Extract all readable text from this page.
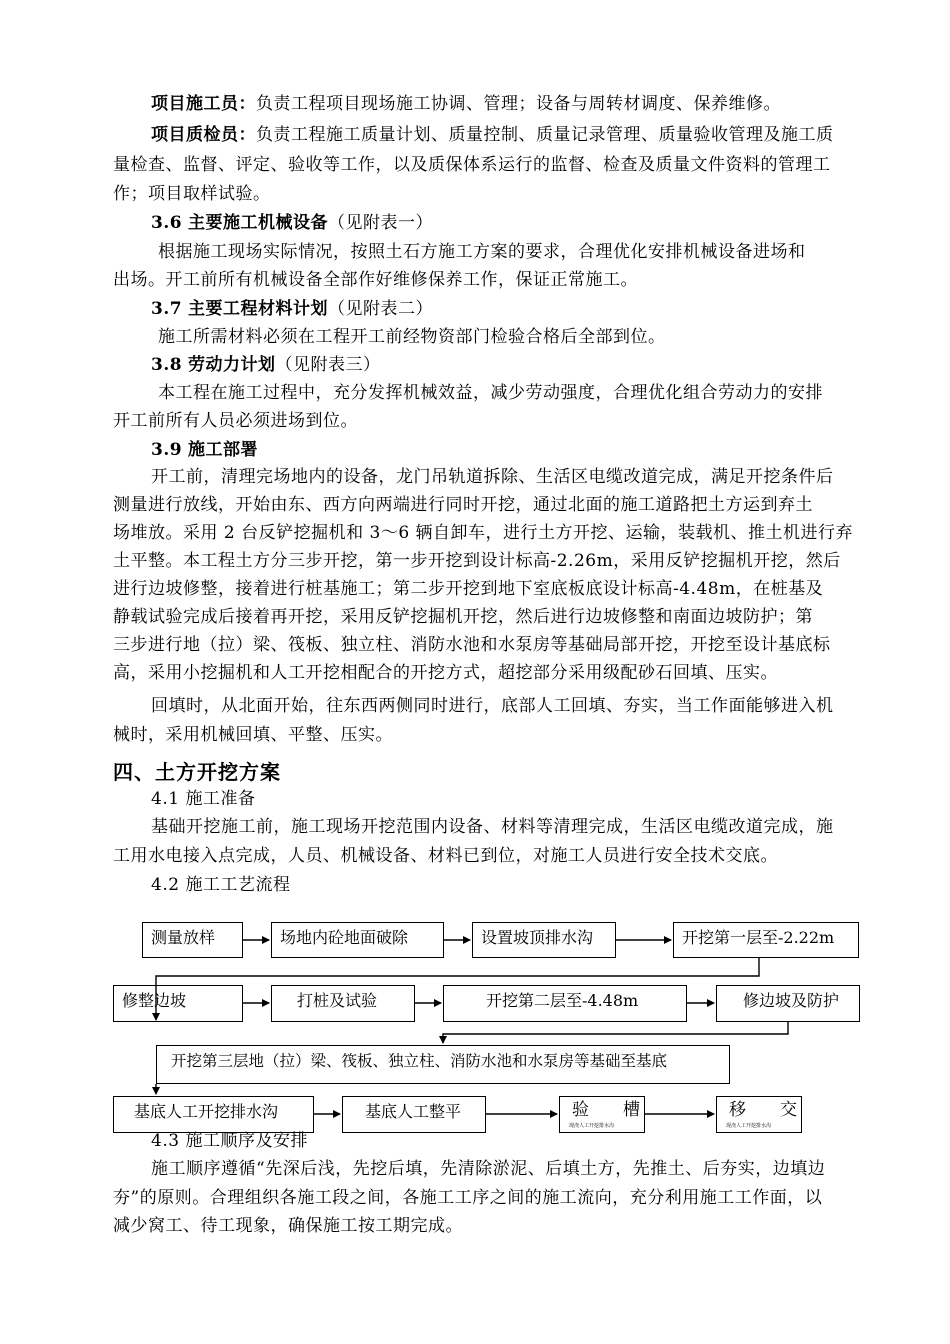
项目施工员：负责工程项目现场施工协调、管理；设备与周转材调度、保养维修。
项目质检员：负责工程施工质量计划、质量控制、质量记录管理、质量验收管理及施工质
量检查、监督、评定、验收等工作，以及质保体系运行的监督、检查及质量文件资料的管理工
作；项目取样试验。
3.6 主要施工机械设备（见附表一）
根据施工现场实际情况，按照土石方施工方案的要求，合理优化安排机械设备进场和
出场。开工前所有机械设备全部作好维修保养工作，保证正常施工。
3.7 主要工程材料计划（见附表二）
施工所需材料必须在工程开工前经物资部门检验合格后全部到位。
3.8 劳动力计划（见附表三）
本工程在施工过程中，充分发挥机械效益，减少劳动强度，合理优化组合劳动力的安排
开工前所有人员必须进场到位。
3.9 施工部署
开工前，清理完场地内的设备，龙门吊轨道拆除、生活区电缆改道完成，满足开挖条件后
测量进行放线，开始由东、西方向两端进行同时开挖，通过北面的施工道路把土方运到弃土
场堆放。采用 2 台反铲挖掘机和 3～6 辆自卸车，进行土方开挖、运输，装载机、推土机进行弃
土平整。本工程土方分三步开挖，第一步开挖到设计标高-2.26m，采用反铲挖掘机开挖，然后
进行边坡修整，接着进行桩基施工；第二步开挖到地下室底板底设计标高-4.48m，在桩基及
静载试验完成后接着再开挖，采用反铲挖掘机开挖，然后进行边坡修整和南面边坡防护；第
三步进行地（拉）梁、筏板、独立柱、消防水池和水泵房等基础局部开挖，开挖至设计基底标
高，采用小挖掘机和人工开挖相配合的开挖方式，超挖部分采用级配砂石回填、压实。
回填时，从北面开始，往东西两侧同时进行，底部人工回填、夯实，当工作面能够进入机
械时，采用机械回填、平整、压实。
四、土方开挖方案
4.1 施工准备
基础开挖施工前，施工现场开挖范围内设备、材料等清理完成，生活区电缆改道完成，施
工用水电接入点完成，人员、机械设备、材料已到位，对施工人员进行安全技术交底。
4.2 施工工艺流程
测量放样	场地内砼地面破除	设置坡顶排水沟	开挖第一层至-2.22m
修整边坡	打桩及试验	开挖第二层至-4.48m	修边坡及防护
开挖第三层地（拉）梁、筏板、独立柱、消防水池和水泵房等基础至基底
基底人工开挖排水沟	基底人工整平	验　　槽
现浇人工开挖排水沟
移　　交
现浇人工开挖排水沟
4.3 施工顺序及安排
施工顺序遵循“先深后浅，先挖后填，先清除淤泥、后填土方，先推土、后夯实，边填边
夯”的原则。合理组织各施工段之间，各施工工序之间的施工流向，充分利用施工工作面，以
减少窝工、待工现象，确保施工按工期完成。
